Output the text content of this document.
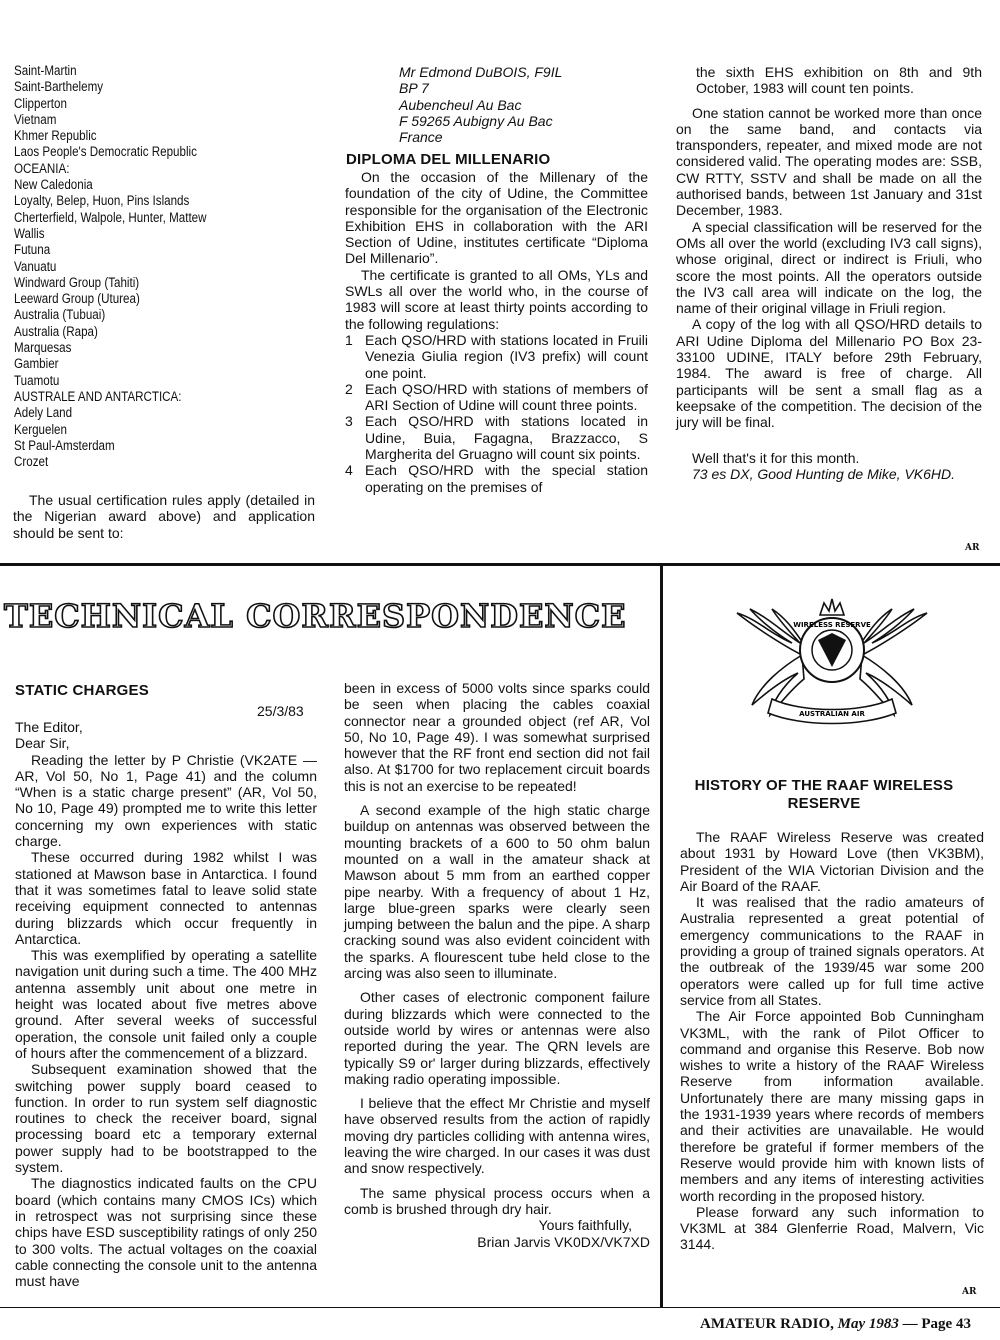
Saint-Martin
Saint-Barthelemy
Clipperton
Vietnam
Khmer Republic
Laos People's Democratic Republic
OCEANIA:
New Caledonia
Loyalty, Belep, Huon, Pins Islands
Cherterfield, Walpole, Hunter, Mattew
Wallis
Futuna
Vanuatu
Windward Group (Tahiti)
Leeward Group (Uturea)
Australia (Tubuai)
Australia (Rapa)
Marquesas
Gambier
Tuamotu
AUSTRALE AND ANTARCTICA:
Adely Land
Kerguelen
St Paul-Amsterdam
Crozet

The usual certification rules apply (detailed in the Nigerian award above) and application should be sent to:

Mr Edmond DuBOIS, F9IL
BP 7
Aubencheul Au Bac
F 59265 Aubigny Au Bac
France
DIPLOMA DEL MILLENARIO

On the occasion of the Millenary of the foundation of the city of Udine, the Committee responsible for the organisation of the Electronic Exhibition EHS in collaboration with the ARI Section of Udine, institutes certificate “Diploma Del Millenario”.

The certificate is granted to all OMs, YLs and SWLs all over the world who, in the course of 1983 will score at least thirty points according to the following regulations:

1 Each QSO/HRD with stations located in Fruili Venezia Giulia region (IV3 prefix) will count one point.
2 Each QSO/HRD with stations of members of ARI Section of Udine will count three points.
3 Each QSO/HRD with stations located in Udine, Buia, Fagagna, Brazzacco, S Margherita del Gruagno will count six points.
4 Each QSO/HRD with the special station operating on the premises of
the sixth EHS exhibition on 8th and 9th October, 1983 will count ten points.

One station cannot be worked more than once on the same band, and contacts via transponders, repeater, and mixed mode are not considered valid. The operating modes are: SSB, CW RTTY, SSTV and shall be made on all the authorised bands, between 1st January and 31st December, 1983.

A special classification will be reserved for the OMs all over the world (excluding IV3 call signs), whose original, direct or indirect is Friuli, who score the most points. All the operators outside the IV3 call area will indicate on the log, the name of their original village in Friuli region.

A copy of the log with all QSO/HRD details to ARI Udine Diploma del Millenario PO Box 23-33100 UDINE, ITALY before 29th February, 1984. The award is free of charge. All participants will be sent a small flag as a keepsake of the competition. The decision of the jury will be final.

Well that's it for this month.

73 es DX, Good Hunting de Mike, VK6HD.

AR
TECHNICAL CORRESPONDENCE
STATIC CHARGES
25/3/83
The Editor,
Dear Sir,

Reading the letter by P Christie (VK2ATE — AR, Vol 50, No 1, Page 41) and the column “When is a static charge present” (AR, Vol 50, No 10, Page 49) prompted me to write this letter concerning my own experiences with static charge.

These occurred during 1982 whilst I was stationed at Mawson base in Antarctica. I found that it was sometimes fatal to leave solid state receiving equipment connected to antennas during blizzards which occur frequently in Antarctica.

This was exemplified by operating a satellite navigation unit during such a time. The 400 MHz antenna assembly unit about one metre in height was located about five metres above ground. After several weeks of successful operation, the console unit failed only a couple of hours after the commencement of a blizzard.

Subsequent examination showed that the switching power supply board ceased to function. In order to run system self diagnostic routines to check the receiver board, signal processing board etc a temporary external power supply had to be bootstrapped to the system.

The diagnostics indicated faults on the CPU board (which contains many CMOS ICs) which in retrospect was not surprising since these chips have ESD susceptibility ratings of only 250 to 300 volts. The actual voltages on the coaxial cable connecting the console unit to the antenna must have

been in excess of 5000 volts since sparks could be seen when placing the cables coaxial connector near a grounded object (ref AR, Vol 50, No 10, Page 49). I was somewhat surprised however that the RF front end section did not fail also. At $1700 for two replacement circuit boards this is not an exercise to be repeated!

A second example of the high static charge buildup on antennas was observed between the mounting brackets of a 600 to 50 ohm balun mounted on a wall in the amateur shack at Mawson about 5 mm from an earthed copper pipe nearby. With a frequency of about 1 Hz, large blue-green sparks were clearly seen jumping between the balun and the pipe. A sharp cracking sound was also evident coincident with the sparks. A flourescent tube held close to the arcing was also seen to illuminate.

Other cases of electronic component failure during blizzards which were connected to the outside world by wires or antennas were also reported during the year. The QRN levels are typically S9 or' larger during blizzards, effectively making radio operating impossible.

I believe that the effect Mr Christie and myself have observed results from the action of rapidly moving dry particles colliding with antenna wires, leaving the wire charged. In our cases it was dust and snow respectively.

The same physical process occurs when a comb is brushed through dry hair.

Yours faithfully,
Brian Jarvis VK0DX/VK7XD
WIRELESS RESERVE
AUSTRALIAN AIR
HISTORY OF THE RAAF WIRELESS RESERVE

The RAAF Wireless Reserve was created about 1931 by Howard Love (then VK3BM), President of the WIA Victorian Division and the Air Board of the RAAF.

It was realised that the radio amateurs of Australia represented a great potential of emergency communications to the RAAF in providing a group of trained signals operators. At the outbreak of the 1939/45 war some 200 operators were called up for full time active service from all States.

The Air Force appointed Bob Cunningham VK3ML, with the rank of Pilot Officer to command and organise this Reserve. Bob now wishes to write a history of the RAAF Wireless Reserve from information available. Unfortunately there are many missing gaps in the 1931-1939 years where records of members and their activities are unavailable. He would therefore be grateful if former members of the Reserve would provide him with known lists of members and any items of interesting activities worth recording in the proposed history.

Please forward any such information to VK3ML at 384 Glenferrie Road, Malvern, Vic 3144.

AR
AMATEUR RADIO, May 1983 — Page 43
